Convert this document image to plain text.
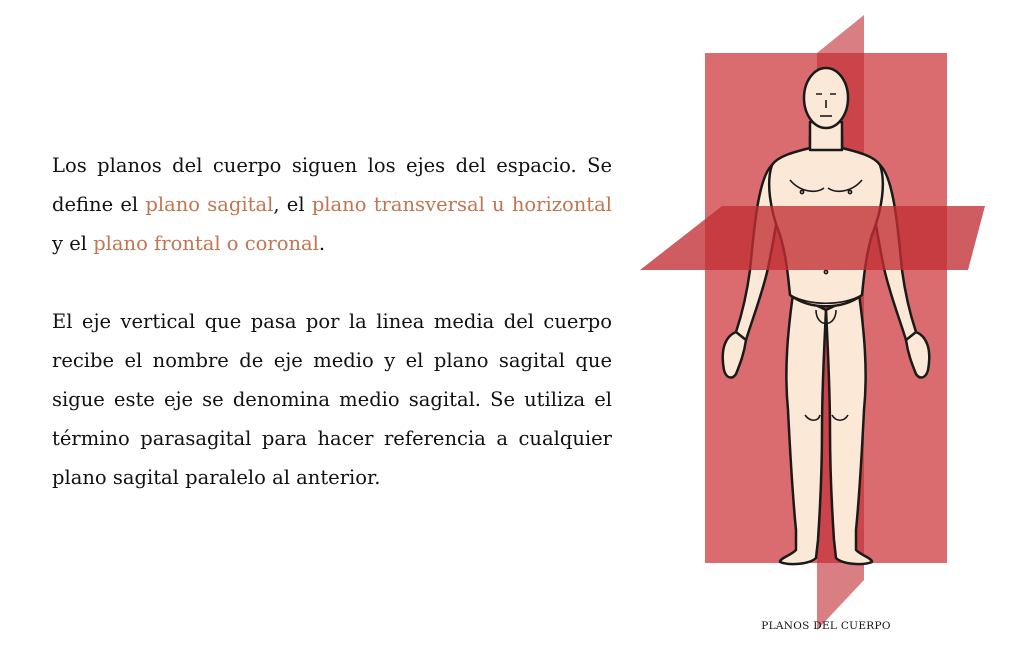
Los planos del cuerpo siguen los ejes del espacio. Se define el plano sagital, el plano transversal u horizontal y el plano frontal o coronal.

El eje vertical que pasa por la linea media del cuerpo recibe el nombre de eje medio y el plano sagital que sigue este eje se denomina medio sagital. Se utiliza el término parasagital para hacer referencia a cualquier plano sagital paralelo al anterior.

PLANOS DEL CUERPO
